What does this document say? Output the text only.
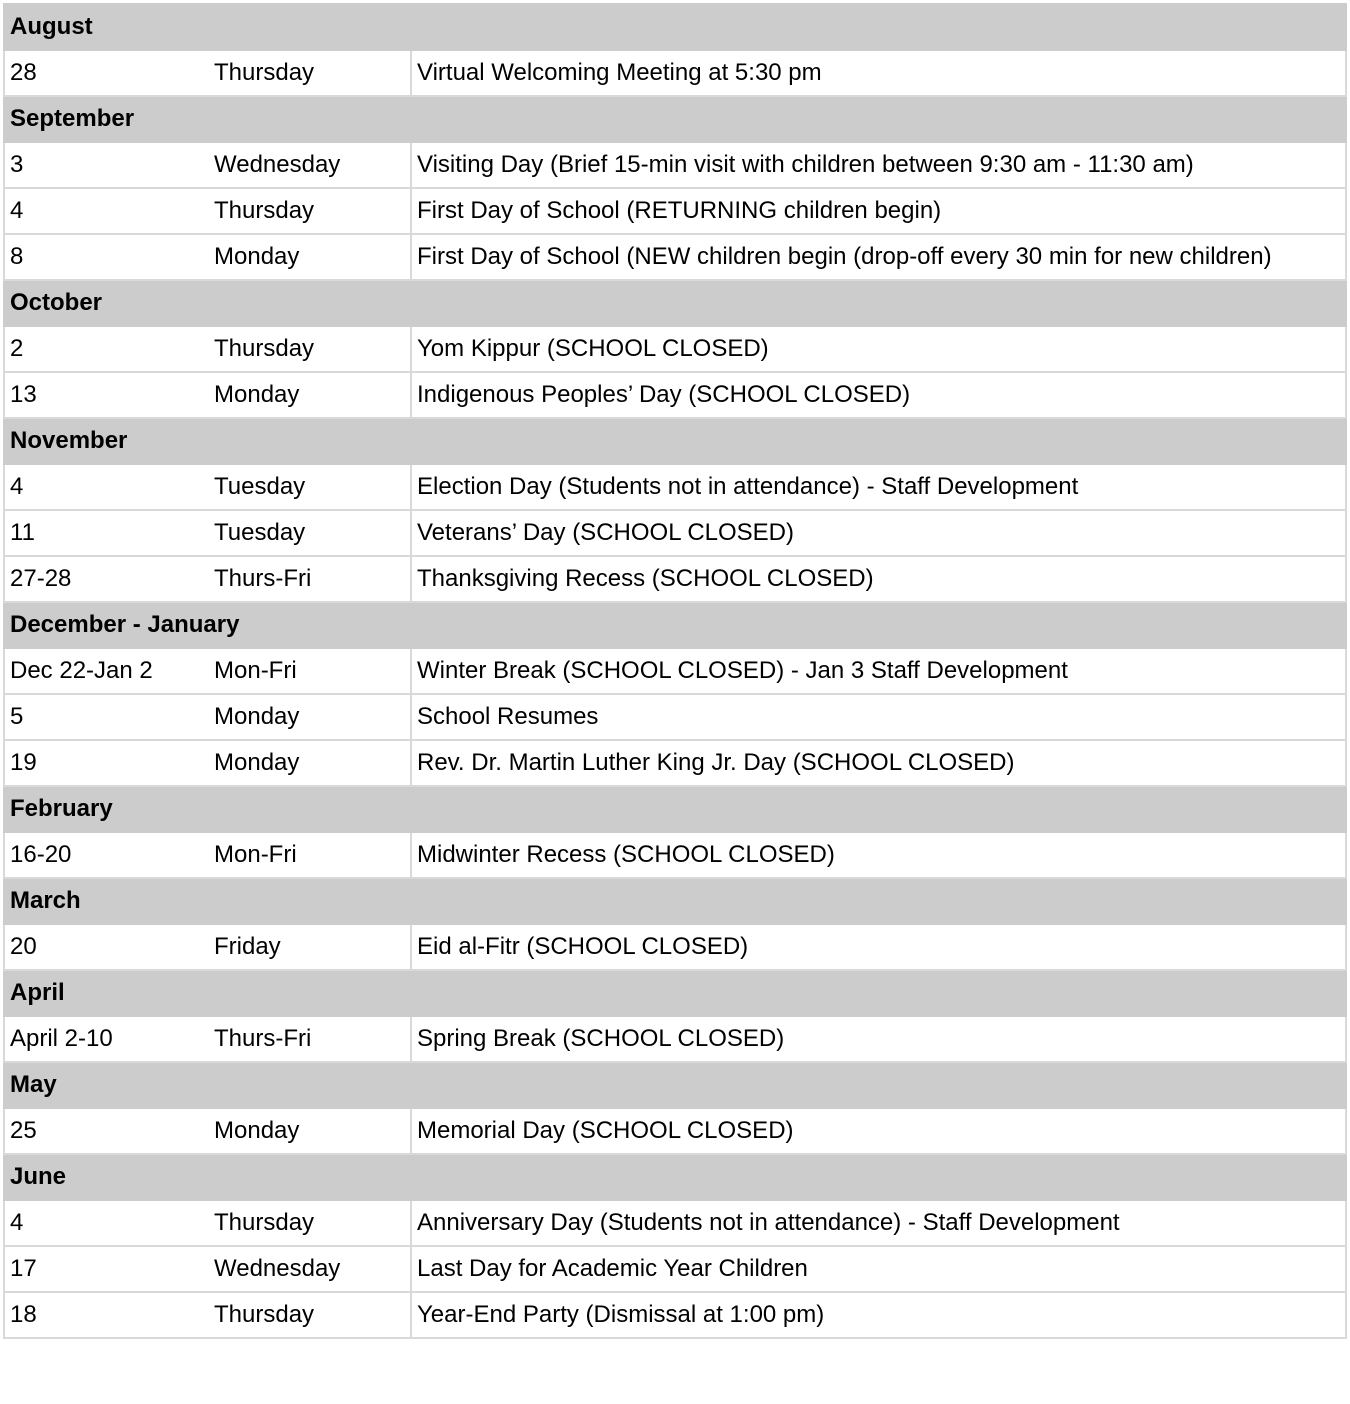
August		
28	Thursday	Virtual Welcoming Meeting at 5:30 pm
September		
3	Wednesday	Visiting Day (Brief 15-min visit with children between 9:30 am - 11:30 am)
4	Thursday	First Day of School (RETURNING children begin)
8	Monday	First Day of School (NEW children begin (drop-off every 30 min for new children)
October		
2	Thursday	Yom Kippur (SCHOOL CLOSED)
13	Monday	Indigenous Peoples’ Day (SCHOOL CLOSED)
November		
4	Tuesday	Election Day (Students not in attendance) - Staff Development
11	Tuesday	Veterans’ Day (SCHOOL CLOSED)
27-28	Thurs-Fri	Thanksgiving Recess (SCHOOL CLOSED)
December - January		
Dec 22-Jan 2	Mon-Fri	Winter Break (SCHOOL CLOSED) - Jan 3 Staff Development
5	Monday	School Resumes
19	Monday	Rev. Dr. Martin Luther King Jr. Day (SCHOOL CLOSED)
February		
16-20	Mon-Fri	Midwinter Recess (SCHOOL CLOSED)
March		
20	Friday	Eid al-Fitr (SCHOOL CLOSED)
April		
April 2-10	Thurs-Fri	Spring Break (SCHOOL CLOSED)
May		
25	Monday	Memorial Day (SCHOOL CLOSED)
June		
4	Thursday	Anniversary Day (Students not in attendance) - Staff Development
17	Wednesday	Last Day for Academic Year Children
18	Thursday	Year-End Party (Dismissal at 1:00 pm)
